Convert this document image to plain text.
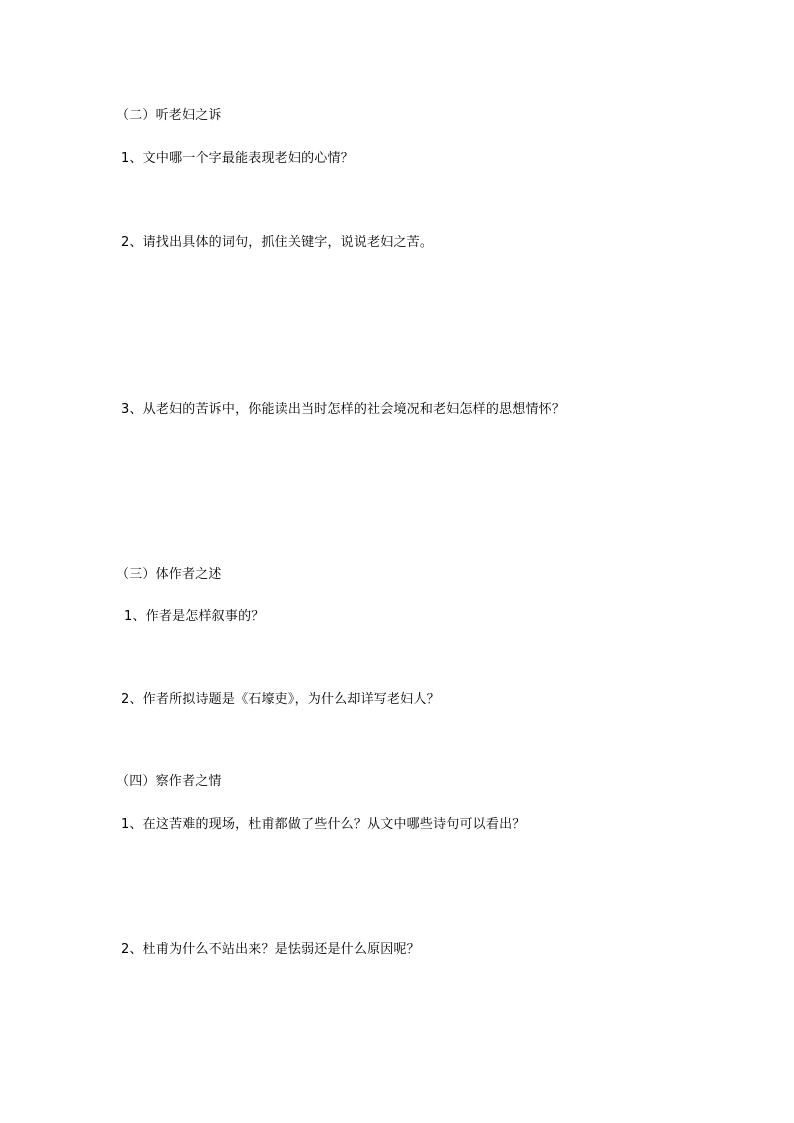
（二）听老妇之诉
1、文中哪一个字最能表现老妇的心情？
2、请找出具体的词句，抓住关键字，说说老妇之苦。
3、从老妇的苦诉中，你能读出当时怎样的社会境况和老妇怎样的思想情怀？
（三）体作者之述
1、作者是怎样叙事的？
2、作者所拟诗题是《石壕吏》，为什么却详写老妇人？
（四）察作者之情
1、在这苦难的现场，杜甫都做了些什么？从文中哪些诗句可以看出？
2、杜甫为什么不站出来？是怯弱还是什么原因呢？
